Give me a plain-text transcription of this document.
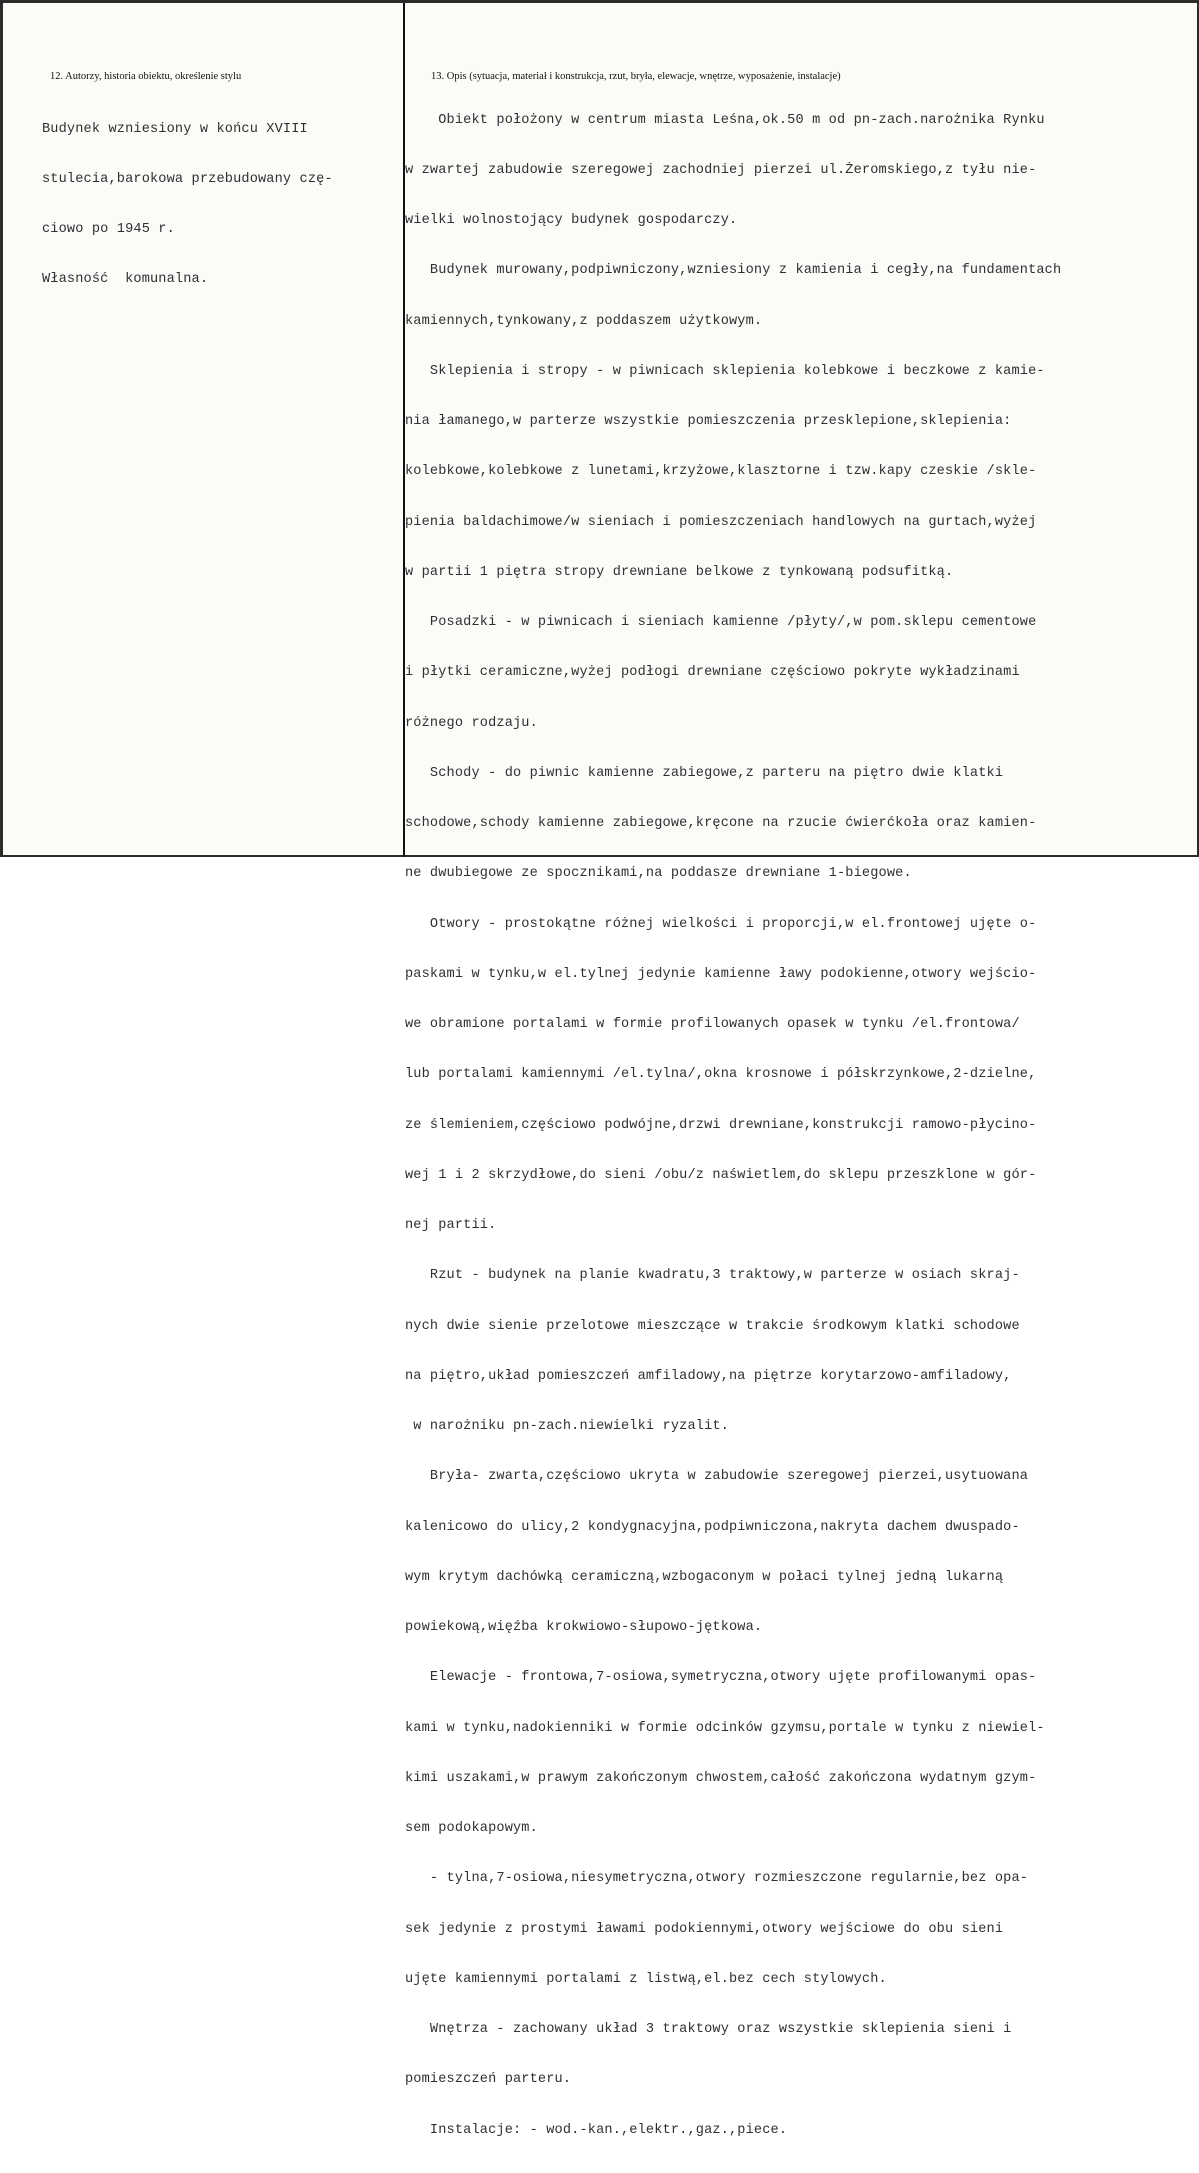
12. Autorzy, historia obiektu, określenie stylu	13. Opis (sytuacja, materiał i konstrukcja, rzut, bryła, elewacje, wnętrze, wyposażenie, instalacje)

Budynek wzniesiony w końcu XVIII

stulecia,barokowa przebudowany czę-

ciowo po 1945 r.

Własność  komunalna.

Obiekt położony w centrum miasta Leśna,ok.50 m od pn-zach.narożnika Rynku

w zwartej zabudowie szeregowej zachodniej pierzei ul.Żeromskiego,z tyłu nie-

wielki wolnostojący budynek gospodarczy.

Budynek murowany,podpiwniczony,wzniesiony z kamienia i cegły,na fundamentach

kamiennych,tynkowany,z poddaszem użytkowym.

Sklepienia i stropy - w piwnicach sklepienia kolebkowe i beczkowe z kamie-

nia łamanego,w parterze wszystkie pomieszczenia przesklepione,sklepienia:

kolebkowe,kolebkowe z lunetami,krzyżowe,klasztorne i tzw.kapy czeskie /skle-

pienia baldachimowe/w sieniach i pomieszczeniach handlowych na gurtach,wyżej

w partii 1 piętra stropy drewniane belkowe z tynkowaną podsufitką.

Posadzki - w piwnicach i sieniach kamienne /płyty/,w pom.sklepu cementowe

i płytki ceramiczne,wyżej podłogi drewniane częściowo pokryte wykładzinami

różnego rodzaju.

Schody - do piwnic kamienne zabiegowe,z parteru na piętro dwie klatki

schodowe,schody kamienne zabiegowe,kręcone na rzucie ćwierćkoła oraz kamien-

ne dwubiegowe ze spocznikami,na poddasze drewniane 1-biegowe.

Otwory - prostokątne różnej wielkości i proporcji,w el.frontowej ujęte o-

paskami w tynku,w el.tylnej jedynie kamienne ławy podokienne,otwory wejścio-

we obramione portalami w formie profilowanych opasek w tynku /el.frontowa/

lub portalami kamiennymi /el.tylna/,okna krosnowe i półskrzynkowe,2-dzielne,

ze ślemieniem,częściowo podwójne,drzwi drewniane,konstrukcji ramowo-płycino-

wej 1 i 2 skrzydłowe,do sieni /obu/z naświetlem,do sklepu przeszklone w gór-

nej partii.

Rzut - budynek na planie kwadratu,3 traktowy,w parterze w osiach skraj-

nych dwie sienie przelotowe mieszczące w trakcie środkowym klatki schodowe

na piętro,układ pomieszczeń amfiladowy,na piętrze korytarzowo-amfiladowy,

w narożniku pn-zach.niewielki ryzalit.

Bryła- zwarta,częściowo ukryta w zabudowie szeregowej pierzei,usytuowana

kalenicowo do ulicy,2 kondygnacyjna,podpiwniczona,nakryta dachem dwuspado-

wym krytym dachówką ceramiczną,wzbogaconym w połaci tylnej jedną lukarną

powiekową,więźba krokwiowo-słupowo-jętkowa.

Elewacje - frontowa,7-osiowa,symetryczna,otwory ujęte profilowanymi opas-

kami w tynku,nadokienniki w formie odcinków gzymsu,portale w tynku z niewiel-

kimi uszakami,w prawym zakończonym chwostem,całość zakończona wydatnym gzym-

sem podokapowym.

- tylna,7-osiowa,niesymetryczna,otwory rozmieszczone regularnie,bez opa-

sek jedynie z prostymi ławami podokiennymi,otwory wejściowe do obu sieni

ujęte kamiennymi portalami z listwą,el.bez cech stylowych.

Wnętrza - zachowany układ 3 traktowy oraz wszystkie sklepienia sieni i

pomieszczeń parteru.

Instalacje: - wod.-kan.,elektr.,gaz.,piece.
